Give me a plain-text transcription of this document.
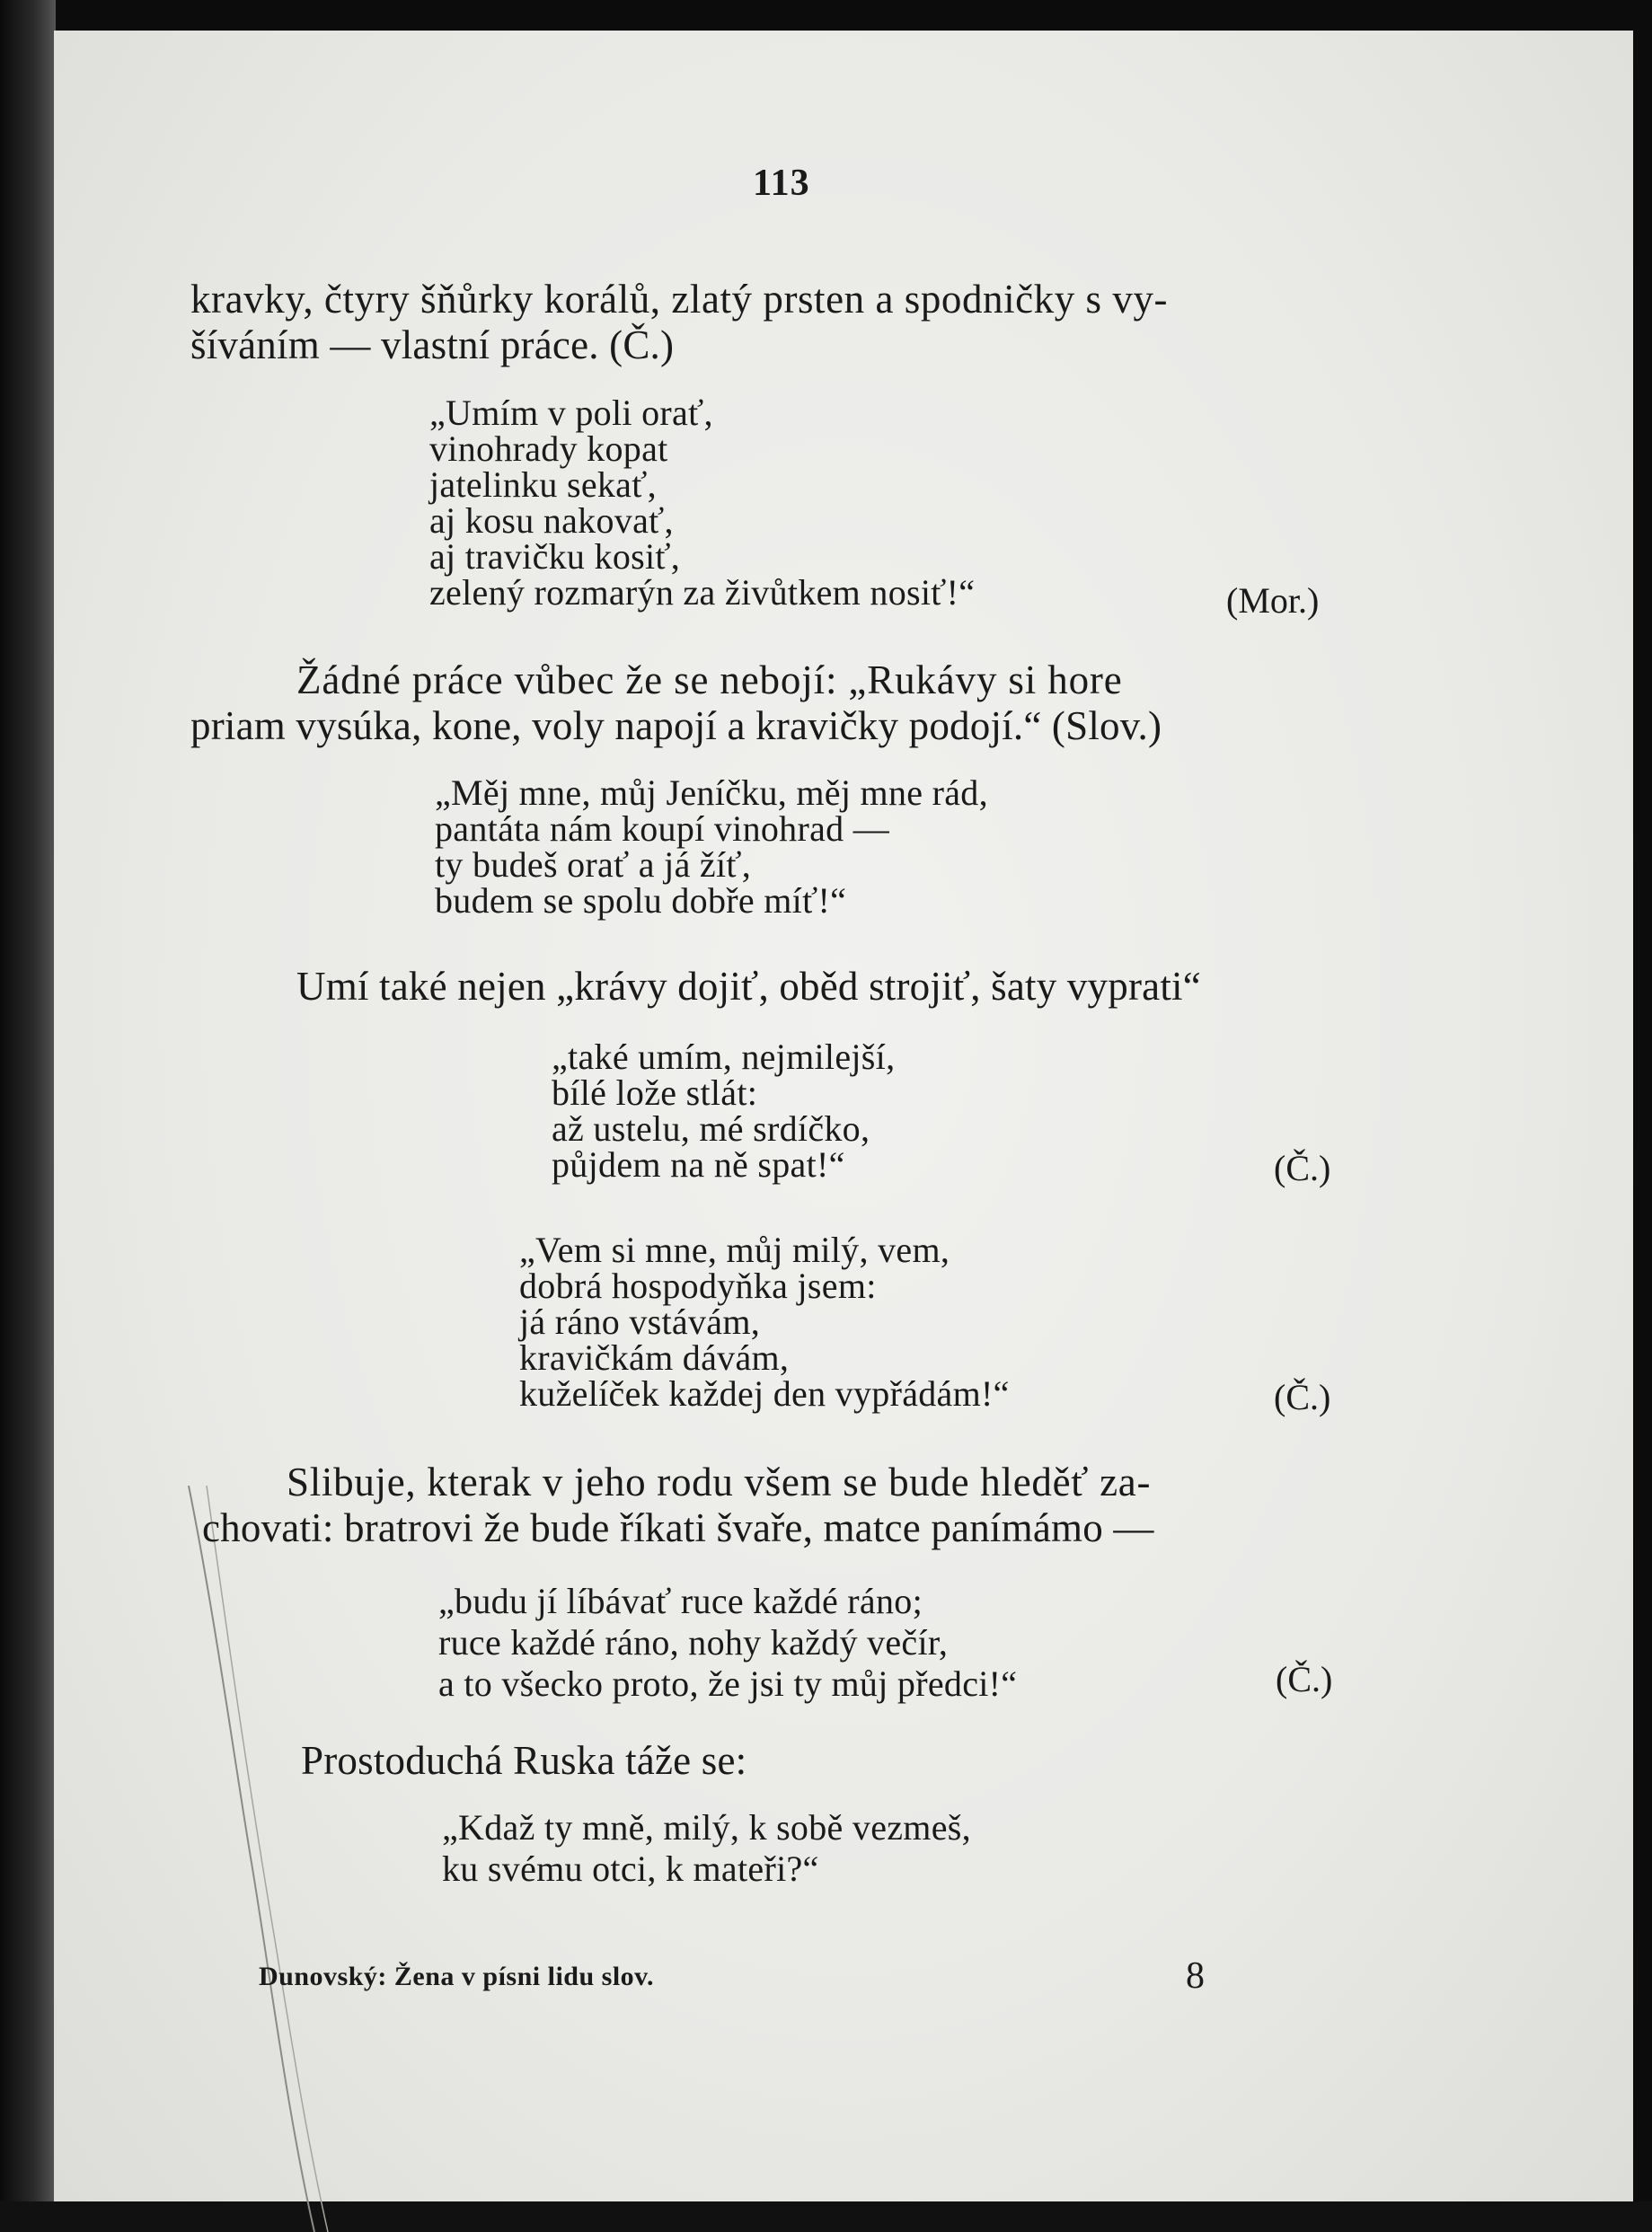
113
kravky, čtyry šňůrky korálů, zlatý prsten a spodničky s vy-
šíváním — vlastní práce. (Č.)
„Umím v poli orať,
vinohrady kopat
jatelinku sekať,
aj kosu nakovať,
aj travičku kosiť,
zelený rozmarýn za živůtkem nosiť!“	(Mor.)
Žádné práce vůbec že se nebojí: „Rukávy si hore
priam vysúka, kone, voly napojí a kravičky podojí.“ (Slov.)
„Měj mne, můj Jeníčku, měj mne rád,
pantáta nám koupí vinohrad —
ty budeš orať a já žíť,
budem se spolu dobře míť!“
Umí také nejen „krávy dojiť, oběd strojiť, šaty vyprati“
„také umím, nejmilejší,
bílé lože stlát:
až ustelu, mé srdíčko,
půjdem na ně spat!“	(Č.)
„Vem si mne, můj milý, vem,
dobrá hospodyňka jsem:
já ráno vstávám,
kravičkám dávám,
kuželíček každej den vypřádám!“	(Č.)
Slibuje, kterak v jeho rodu všem se bude hleděť za-
chovati: bratrovi že bude říkati švaře, matce panímámo —
„budu jí líbávať ruce každé ráno;
ruce každé ráno, nohy každý večír,
a to všecko proto, že jsi ty můj předci!“	(Č.)
Prostoduchá Ruska táže se:
„Kdaž ty mně, milý, k sobě vezmeš,
ku svému otci, k mateři?“
Dunovský: Žena v písni lidu slov.	8
